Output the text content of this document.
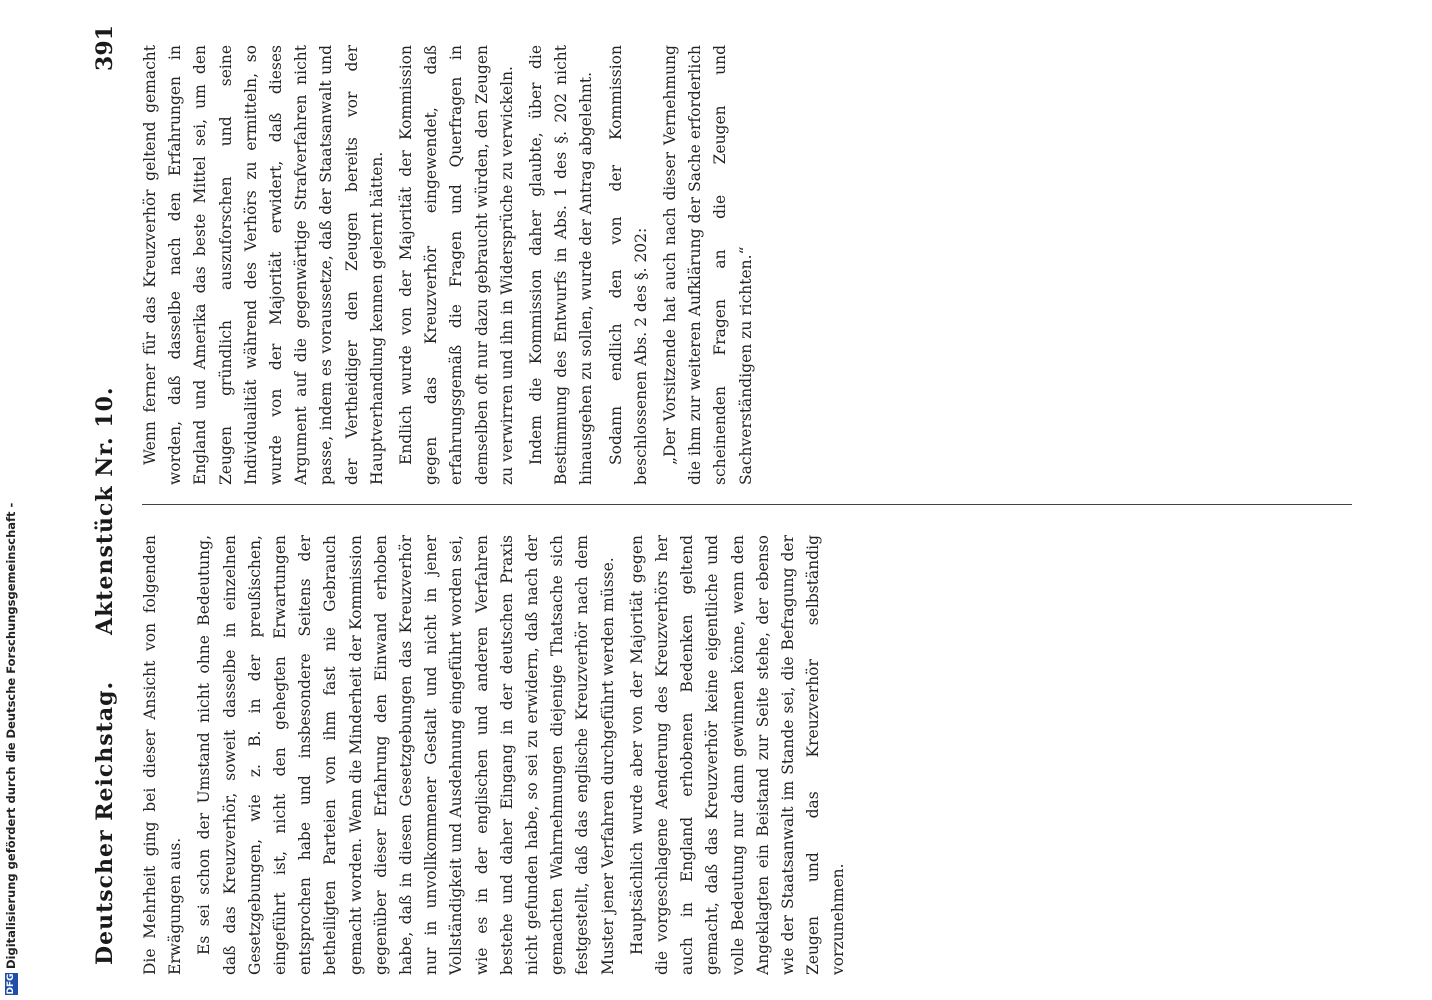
Deutscher Reichstag.
Aktenstück Nr. 10.
391

Die Mehrheit ging bei dieser Ansicht von folgenden Erwägungen aus. Es sei schon der Umstand nicht ohne Bedeutung, daß das Kreuzverhör, soweit dasselbe in einzelnen Gesetzgebungen, wie z. B. in der preußischen, eingeführt ist, nicht den gehegten Erwartungen entsprochen habe und insbesondere Seitens der betheiligten Parteien von ihm fast nie Gebrauch gemacht worden. Wenn die Minderheit der Kommission gegenüber dieser Erfahrung den Einwand erhoben habe, daß in diesen Gesetzgebungen das Kreuzverhör nur in unvollkommener Gestalt und nicht in jener Vollständigkeit und Ausdehnung eingeführt worden sei, wie es in der englischen und anderen Verfahren bestehe und daher Eingang in der deutschen Praxis nicht gefunden habe, so sei zu erwidern, daß nach der gemachten Wahrnehmungen diejenige Thatsache sich festgestellt, daß das englische Kreuzverhör nach dem Muster jener Verfahren durchgeführt werden müsse. Hauptsächlich wurde aber von der Majorität gegen die vorgeschlagene Aenderung des Kreuzverhörs her auch in England erhobenen Bedenken geltend gemacht, daß das Kreuzverhör keine eigentliche und volle Bedeutung nur dann gewinnen könne, wenn den Angeklagten ein Beistand zur Seite stehe, der ebenso wie der Staatsanwalt im Stande sei, die Befragung der Zeugen und das Kreuzverhör selbständig vorzunehmen.

Wenn ferner für das Kreuzverhör geltend gemacht worden, daß dasselbe nach den Erfahrungen in England und Amerika das beste Mittel sei, um den Zeugen gründlich auszuforschen und seine Individualität während des Verhörs zu ermitteln, so wurde von der Majorität erwidert, daß dieses Argument auf die gegenwärtige Strafverfahren nicht passe, indem es voraussetze, daß der Staatsanwalt und der Vertheidiger den Zeugen bereits vor der Hauptverhandlung kennen gelernt hätten. Endlich wurde von der Majorität der Kommission gegen das Kreuzverhör eingewendet, daß erfahrungsgemäß die Fragen und Querfragen in demselben oft nur dazu gebraucht würden, den Zeugen zu verwirren und ihn in Widersprüche zu verwickeln. Indem die Kommission daher glaubte, über die Bestimmung des Entwurfs in Abs. 1 des §. 202 nicht hinausgehen zu sollen, wurde der Antrag abgelehnt. Sodann endlich den von der Kommission beschlossenen Abs. 2 des §. 202: „Der Vorsitzende hat auch nach dieser Vernehmung die ihm zur weiteren Aufklärung der Sache erforderlich scheinenden Fragen an die Zeugen und Sachverständigen zu richten.“

DFGDigitalisierung gefördert durch die Deutsche Forschungsgemeinschaft -
